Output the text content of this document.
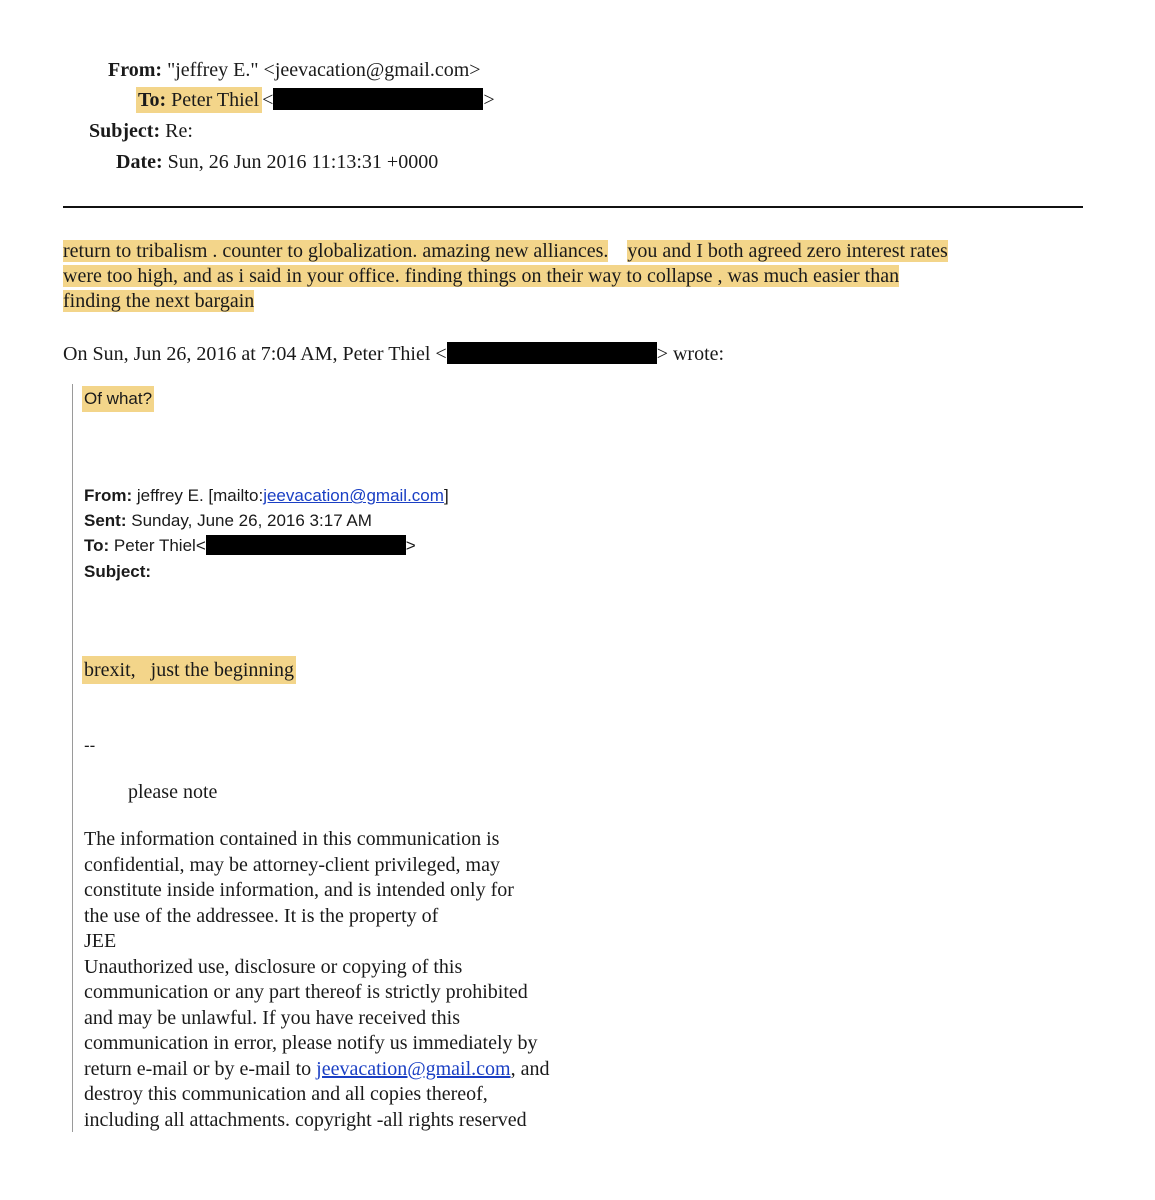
From: "jeffrey E." <jeevacation@gmail.com>
To: Peter Thiel <	>
Subject: Re:
Date: Sun, 26 Jun 2016 11:13:31 +0000
return to tribalism . counter to globalization. amazing new alliances. you and I both agreed zero interest rates
were too high, and as i said in your office. finding things on their way to collapse , was much easier than
finding the next bargain
On Sun, Jun 26, 2016 at 7:04 AM, Peter Thiel <	> wrote:
Of what?
From: jeffrey E. [mailto:jeevacation@gmail.com]
Sent: Sunday, June 26, 2016 3:17 AM
To: Peter Thiel<	>
Subject:
brexit,   just the beginning
--
please note
The information contained in this communication is
confidential, may be attorney-client privileged, may
constitute inside information, and is intended only for
the use of the addressee. It is the property of
JEE
Unauthorized use, disclosure or copying of this
communication or any part thereof is strictly prohibited
and may be unlawful. If you have received this
communication in error, please notify us immediately by
return e-mail or by e-mail to jeevacation@gmail.com, and
destroy this communication and all copies thereof,
including all attachments. copyright -all rights reserved
